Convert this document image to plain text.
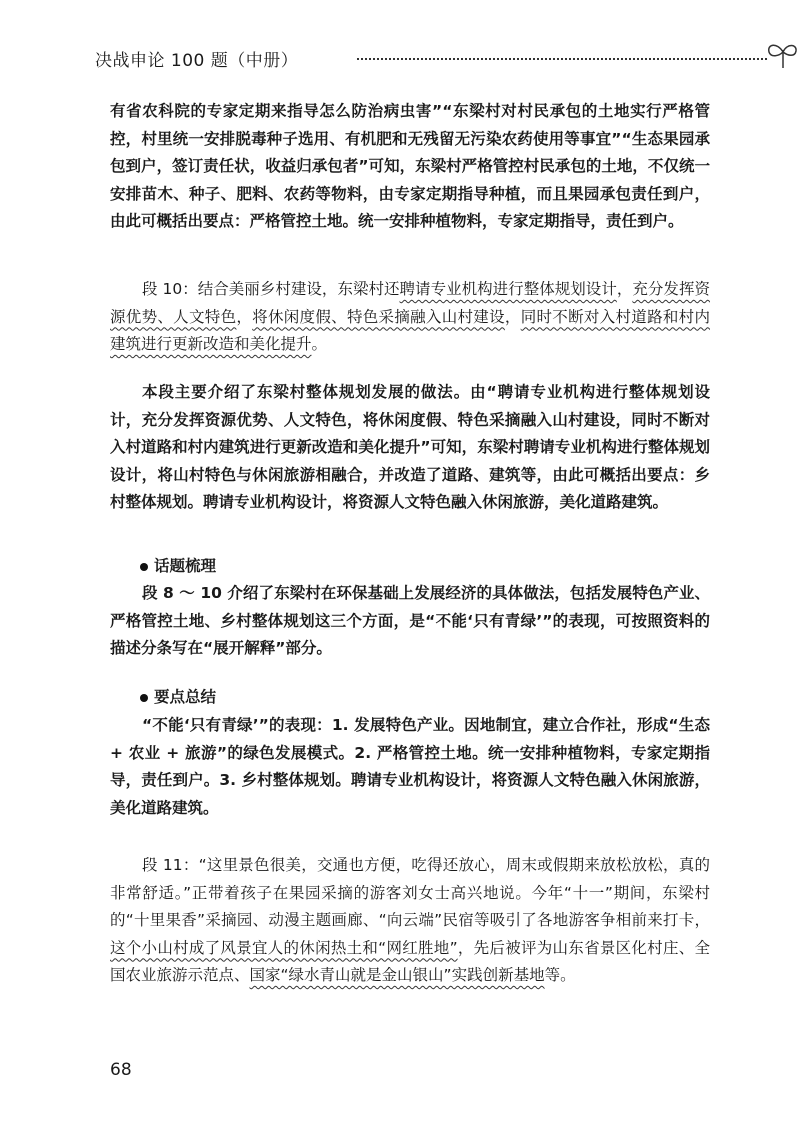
决战申论 100 题（中册）

有省农科院的专家定期来指导怎么防治病虫害”“东梁村对村民承包的土地实行严格管控，村里统一安排脱毒种子选用、有机肥和无残留无污染农药使用等事宜”“生态果园承包到户，签订责任状，收益归承包者”可知，东梁村严格管控村民承包的土地，不仅统一安排苗木、种子、肥料、农药等物料，由专家定期指导种植，而且果园承包责任到户，由此可概括出要点：严格管控土地。统一安排种植物料，专家定期指导，责任到户。

段 10：结合美丽乡村建设，东梁村还聘请专业机构进行整体规划设计，充分发挥资源优势、人文特色，将休闲度假、特色采摘融入山村建设，同时不断对入村道路和村内建筑进行更新改造和美化提升。

本段主要介绍了东梁村整体规划发展的做法。由“聘请专业机构进行整体规划设计，充分发挥资源优势、人文特色，将休闲度假、特色采摘融入山村建设，同时不断对入村道路和村内建筑进行更新改造和美化提升”可知，东梁村聘请专业机构进行整体规划设计，将山村特色与休闲旅游相融合，并改造了道路、建筑等，由此可概括出要点：乡村整体规划。聘请专业机构设计，将资源人文特色融入休闲旅游，美化道路建筑。

话题梳理

段 8 ～ 10 介绍了东梁村在环保基础上发展经济的具体做法，包括发展特色产业、严格管控土地、乡村整体规划这三个方面，是“不能‘只有青绿’”的表现，可按照资料的描述分条写在“展开解释”部分。

要点总结

“不能‘只有青绿’”的表现：1. 发展特色产业。因地制宜，建立合作社，形成“生态 + 农业 + 旅游”的绿色发展模式。2. 严格管控土地。统一安排种植物料，专家定期指导，责任到户。3. 乡村整体规划。聘请专业机构设计，将资源人文特色融入休闲旅游，美化道路建筑。

段 11：“这里景色很美，交通也方便，吃得还放心，周末或假期来放松放松，真的非常舒适。”正带着孩子在果园采摘的游客刘女士高兴地说。今年“十一”期间，东梁村的“十里果香”采摘园、动漫主题画廊、“向云端”民宿等吸引了各地游客争相前来打卡，这个小山村成了风景宜人的休闲热土和“网红胜地”，先后被评为山东省景区化村庄、全国农业旅游示范点、国家“绿水青山就是金山银山”实践创新基地等。

68
